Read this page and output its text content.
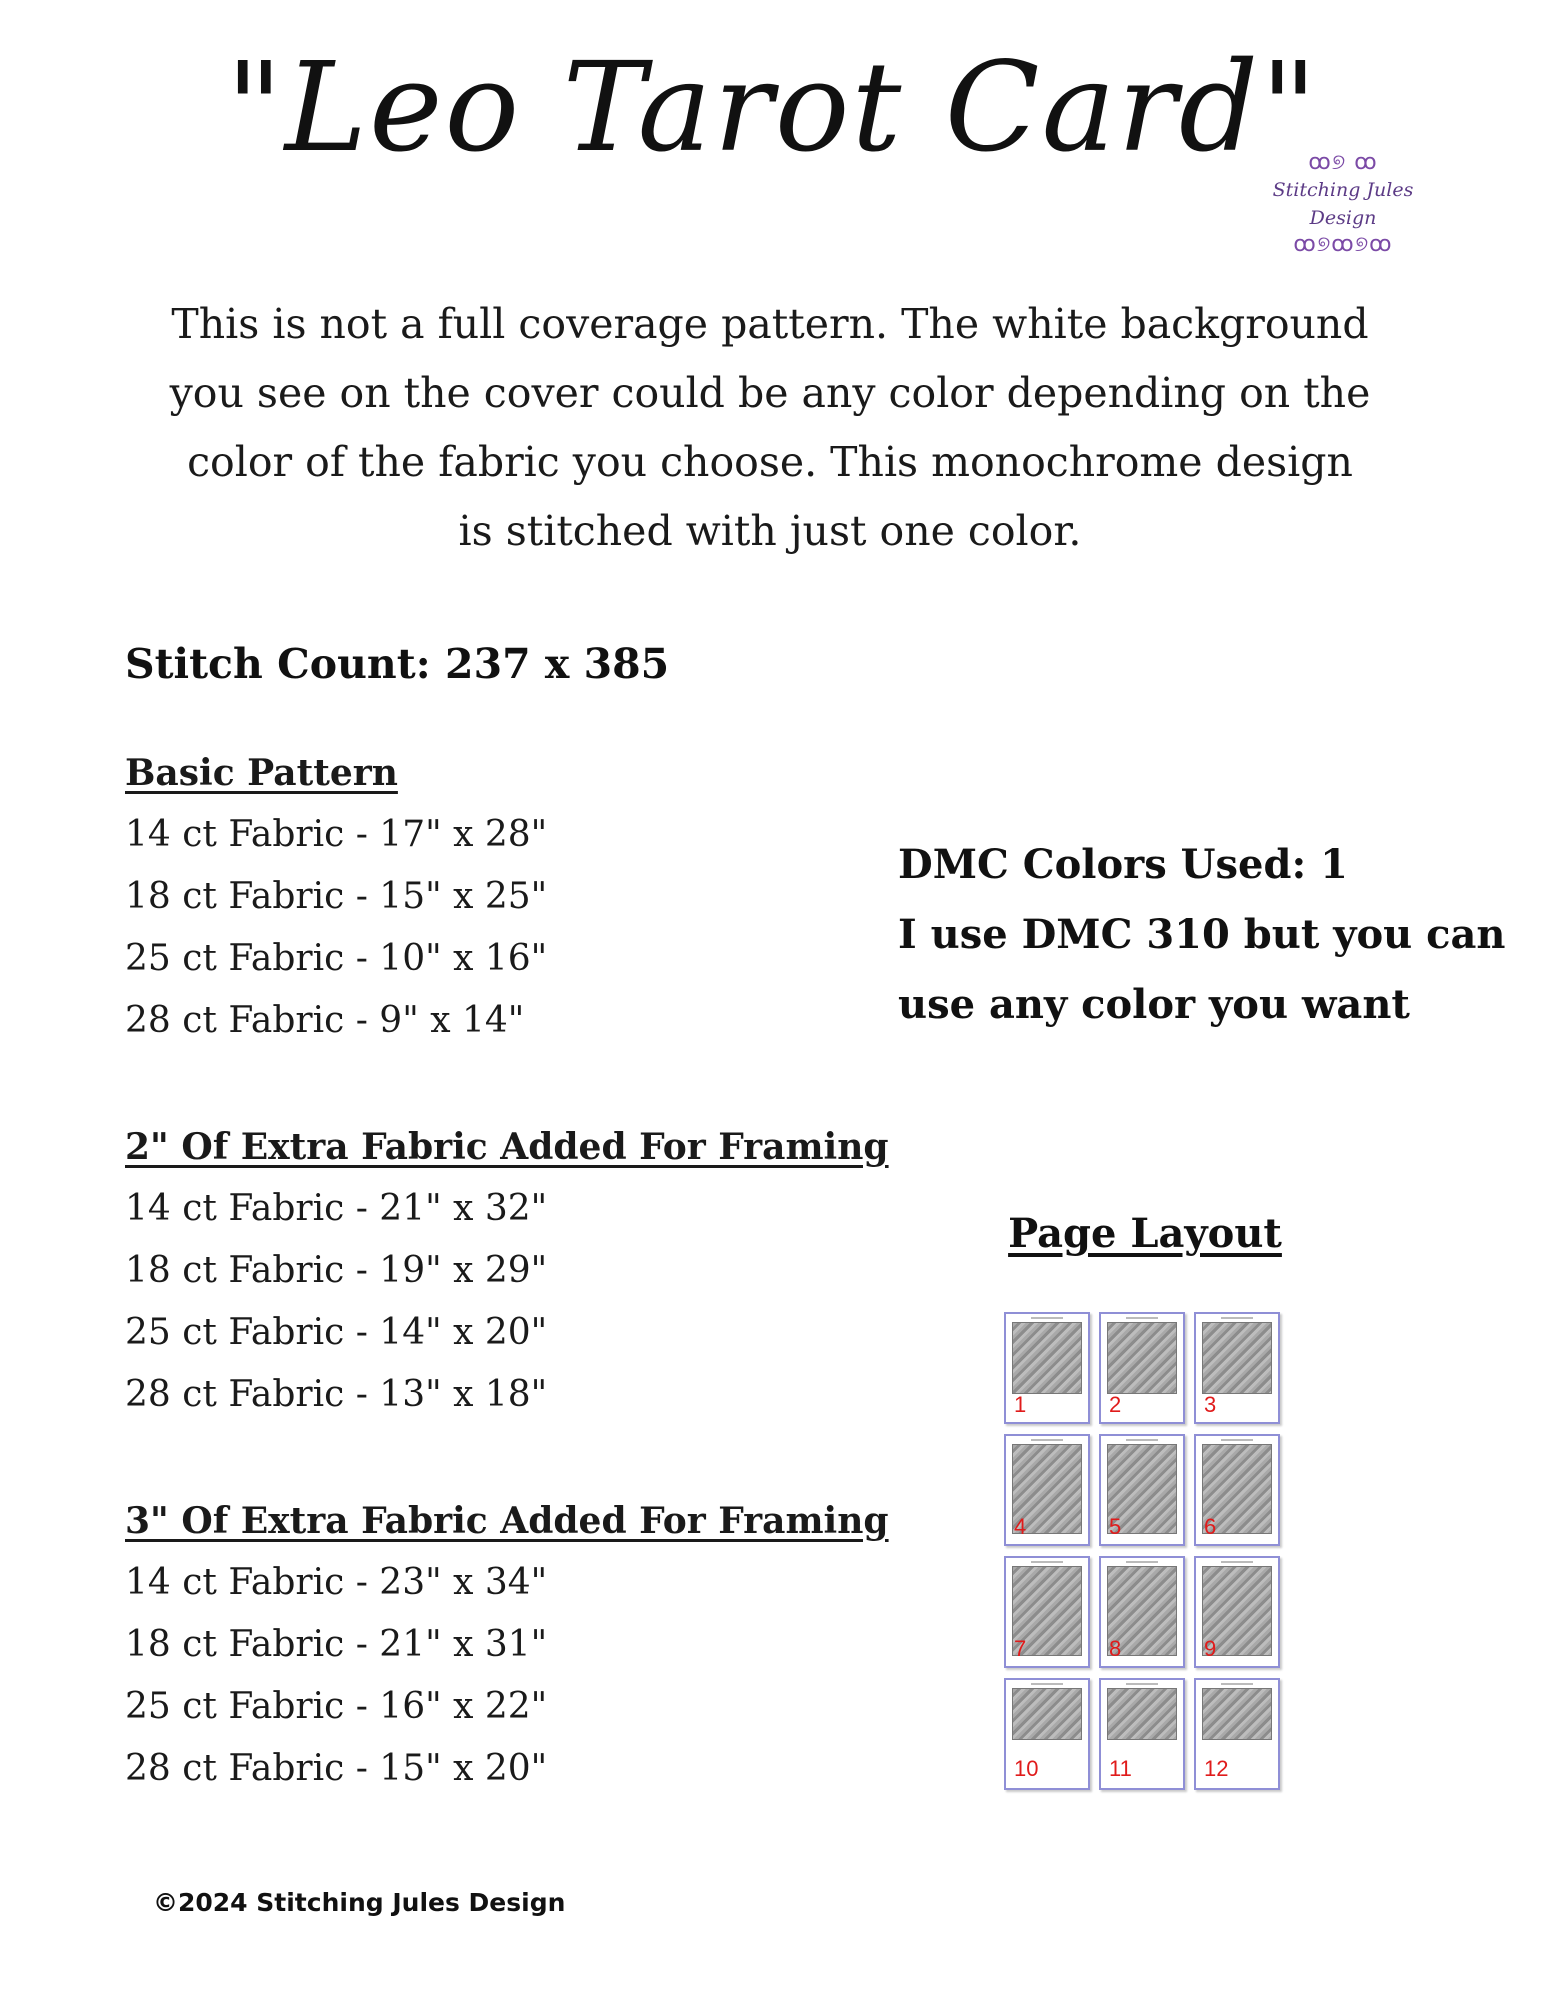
"Leo Tarot Card"
ꝏ୭ ꝏ
Stitching Jules Design
ꝏ୭ꝏ୭ꝏ
This is not a full coverage pattern. The white background
you see on the cover could be any color depending on the
color of the fabric you choose. This monochrome design
is stitched with just one color.
Stitch Count: 237 x 385
Basic Pattern
14 ct Fabric - 17" x 28"
18 ct Fabric - 15" x 25"
25 ct Fabric - 10" x 16"
28 ct Fabric - 9" x 14"
2" Of Extra Fabric Added For Framing
14 ct Fabric - 21" x 32"
18 ct Fabric - 19" x 29"
25 ct Fabric - 14" x 20"
28 ct Fabric - 13" x 18"
3" Of Extra Fabric Added For Framing
14 ct Fabric - 23" x 34"
18 ct Fabric - 21" x 31"
25 ct Fabric - 16" x 22"
28 ct Fabric - 15" x 20"
DMC Colors Used: 1
I use DMC 310 but you can
use any color you want
Page Layout
1	2	3
4	5	6
7	8	9
10	11	12
©2024 Stitching Jules Design
